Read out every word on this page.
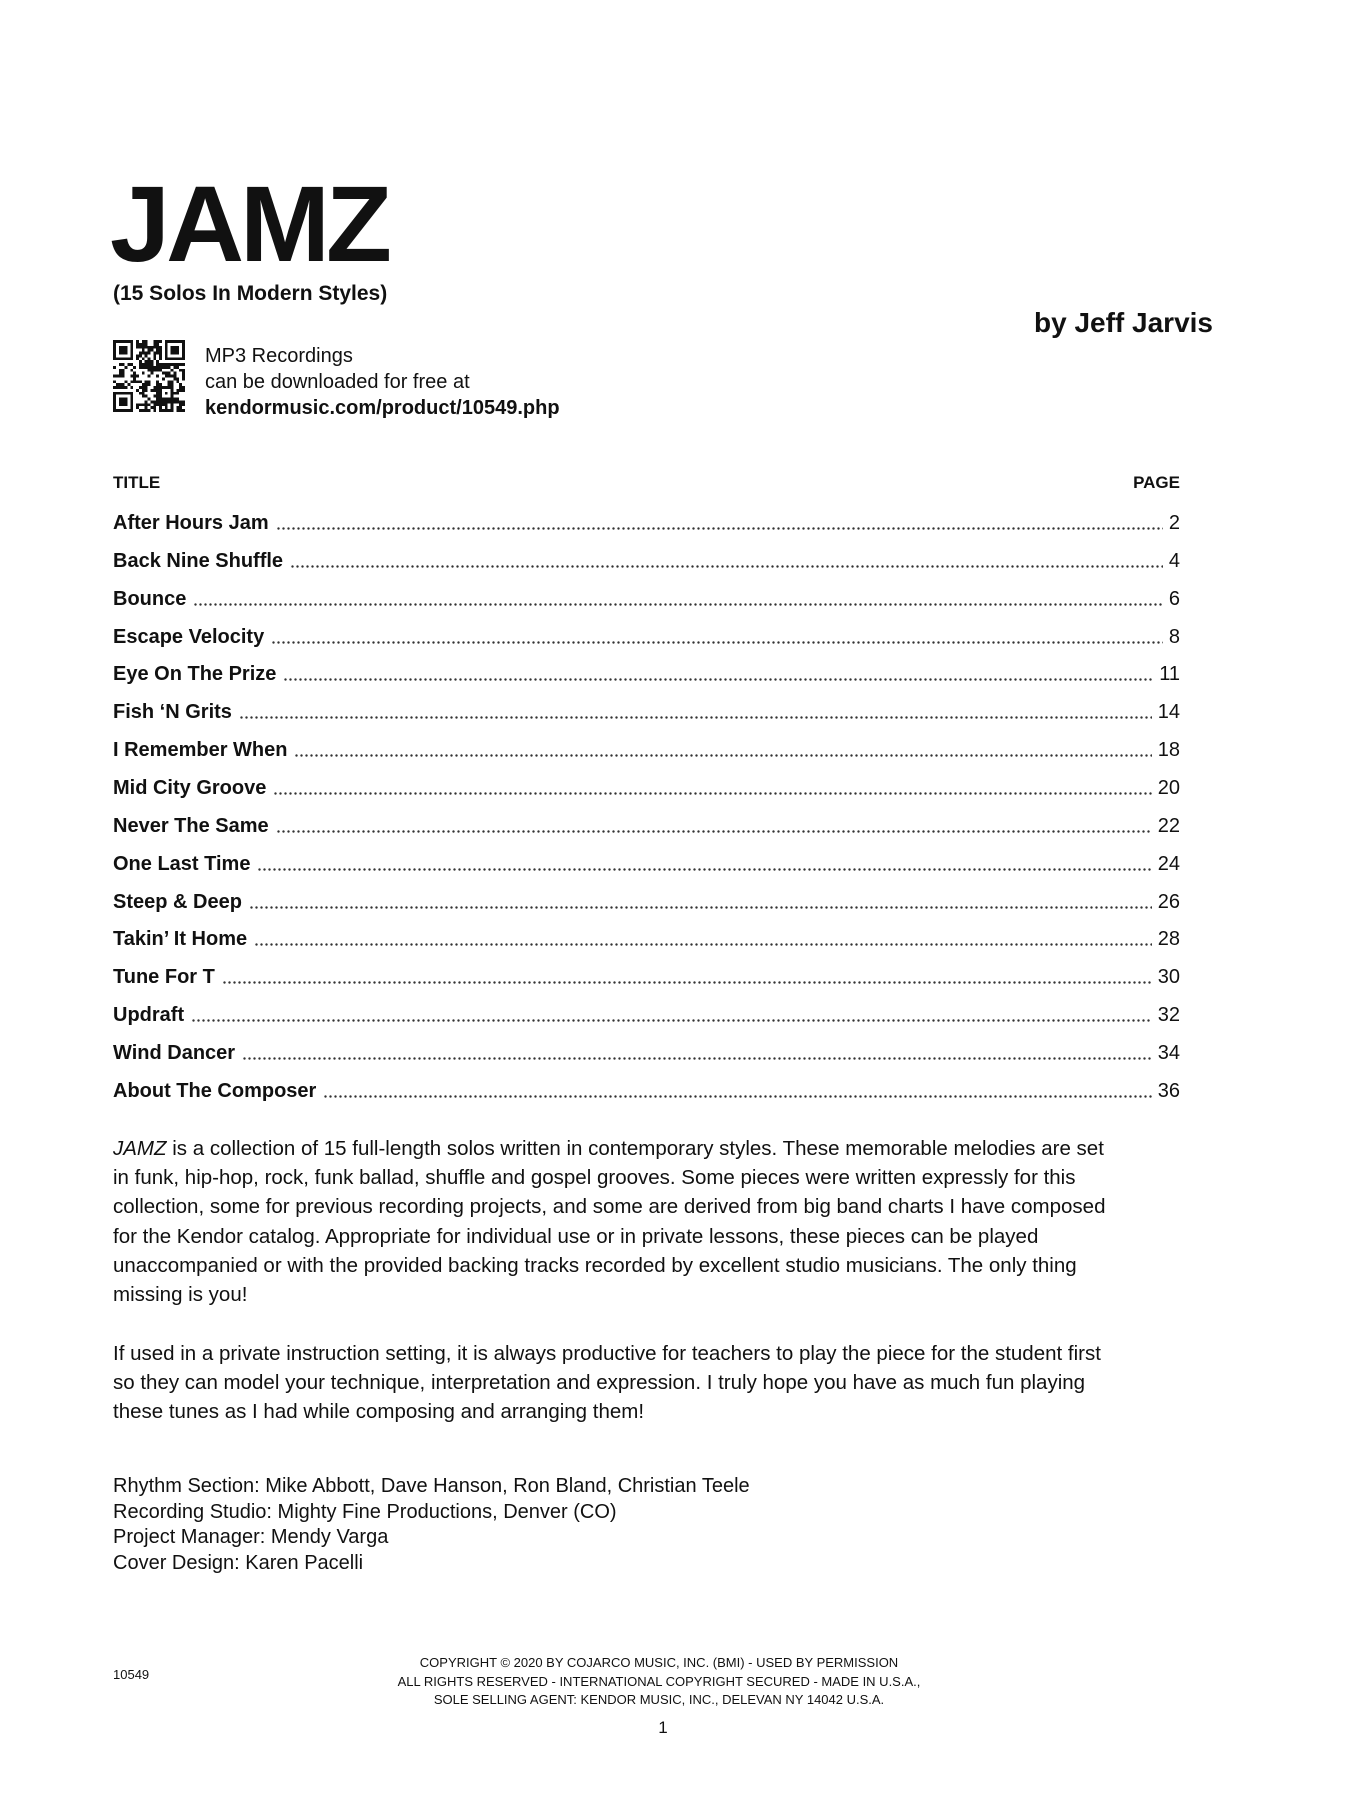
JAMZ
(15 Solos In Modern Styles)
by Jeff Jarvis
MP3 Recordings
can be downloaded for free at
kendormusic.com/product/10549.php
TITLE	PAGE
After Hours Jam	2
Back Nine Shuffle	4
Bounce	6
Escape Velocity	8
Eye On The Prize	11
Fish ‘N Grits	14
I Remember When	18
Mid City Groove	20
Never The Same	22
One Last Time	24
Steep & Deep	26
Takin’ It Home	28
Tune For T	30
Updraft	32
Wind Dancer	34
About The Composer	36
JAMZ is a collection of 15 full-length solos written in contemporary styles. These memorable melodies are set
in funk, hip-hop, rock, funk ballad, shuffle and gospel grooves. Some pieces were written expressly for this
collection, some for previous recording projects, and some are derived from big band charts I have composed
for the Kendor catalog. Appropriate for individual use or in private lessons, these pieces can be played
unaccompanied or with the provided backing tracks recorded by excellent studio musicians. The only thing
missing is you!
If used in a private instruction setting, it is always productive for teachers to play the piece for the student first
so they can model your technique, interpretation and expression. I truly hope you have as much fun playing
these tunes as I had while composing and arranging them!
Rhythm Section: Mike Abbott, Dave Hanson, Ron Bland, Christian Teele
Recording Studio: Mighty Fine Productions, Denver (CO)
Project Manager: Mendy Varga
Cover Design: Karen Pacelli
10549
COPYRIGHT © 2020 BY COJARCO MUSIC, INC. (BMI) - USED BY PERMISSION
ALL RIGHTS RESERVED - INTERNATIONAL COPYRIGHT SECURED - MADE IN U.S.A.,
SOLE SELLING AGENT: KENDOR MUSIC, INC., DELEVAN NY 14042 U.S.A.
1
